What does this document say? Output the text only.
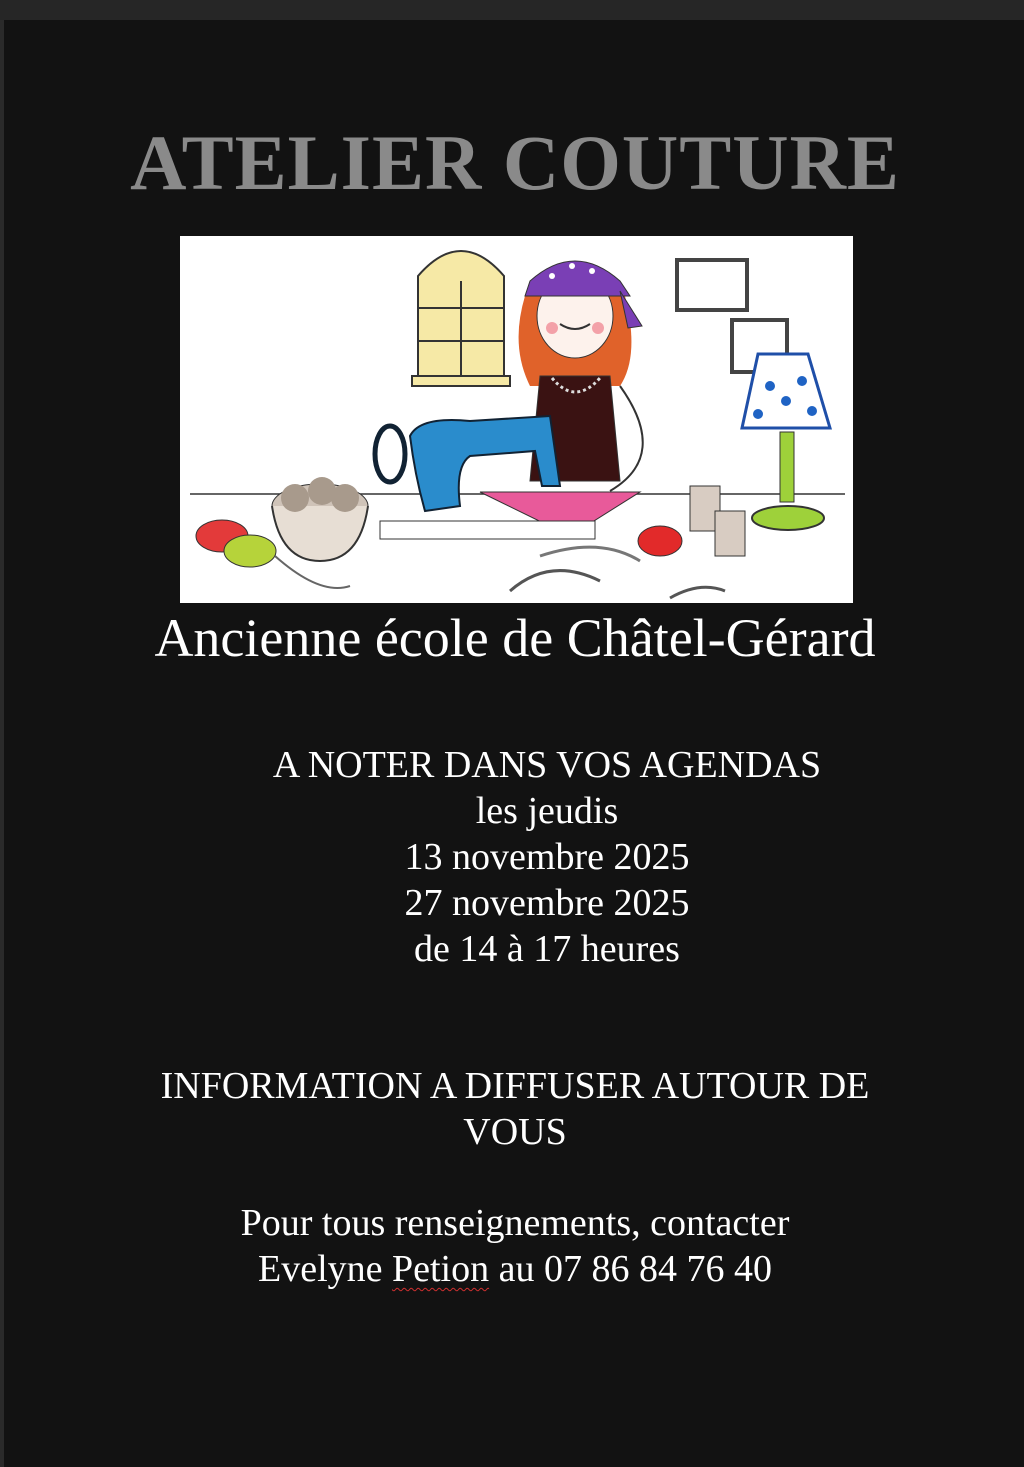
ATELIER COUTURE
Ancienne école de Châtel-Gérard
A NOTER DANS VOS AGENDAS
les jeudis
13 novembre 2025
27 novembre 2025
de 14 à 17 heures
INFORMATION A DIFFUSER AUTOUR DE
VOUS
Pour tous renseignements, contacter
Evelyne Petion au 07 86 84 76 40
